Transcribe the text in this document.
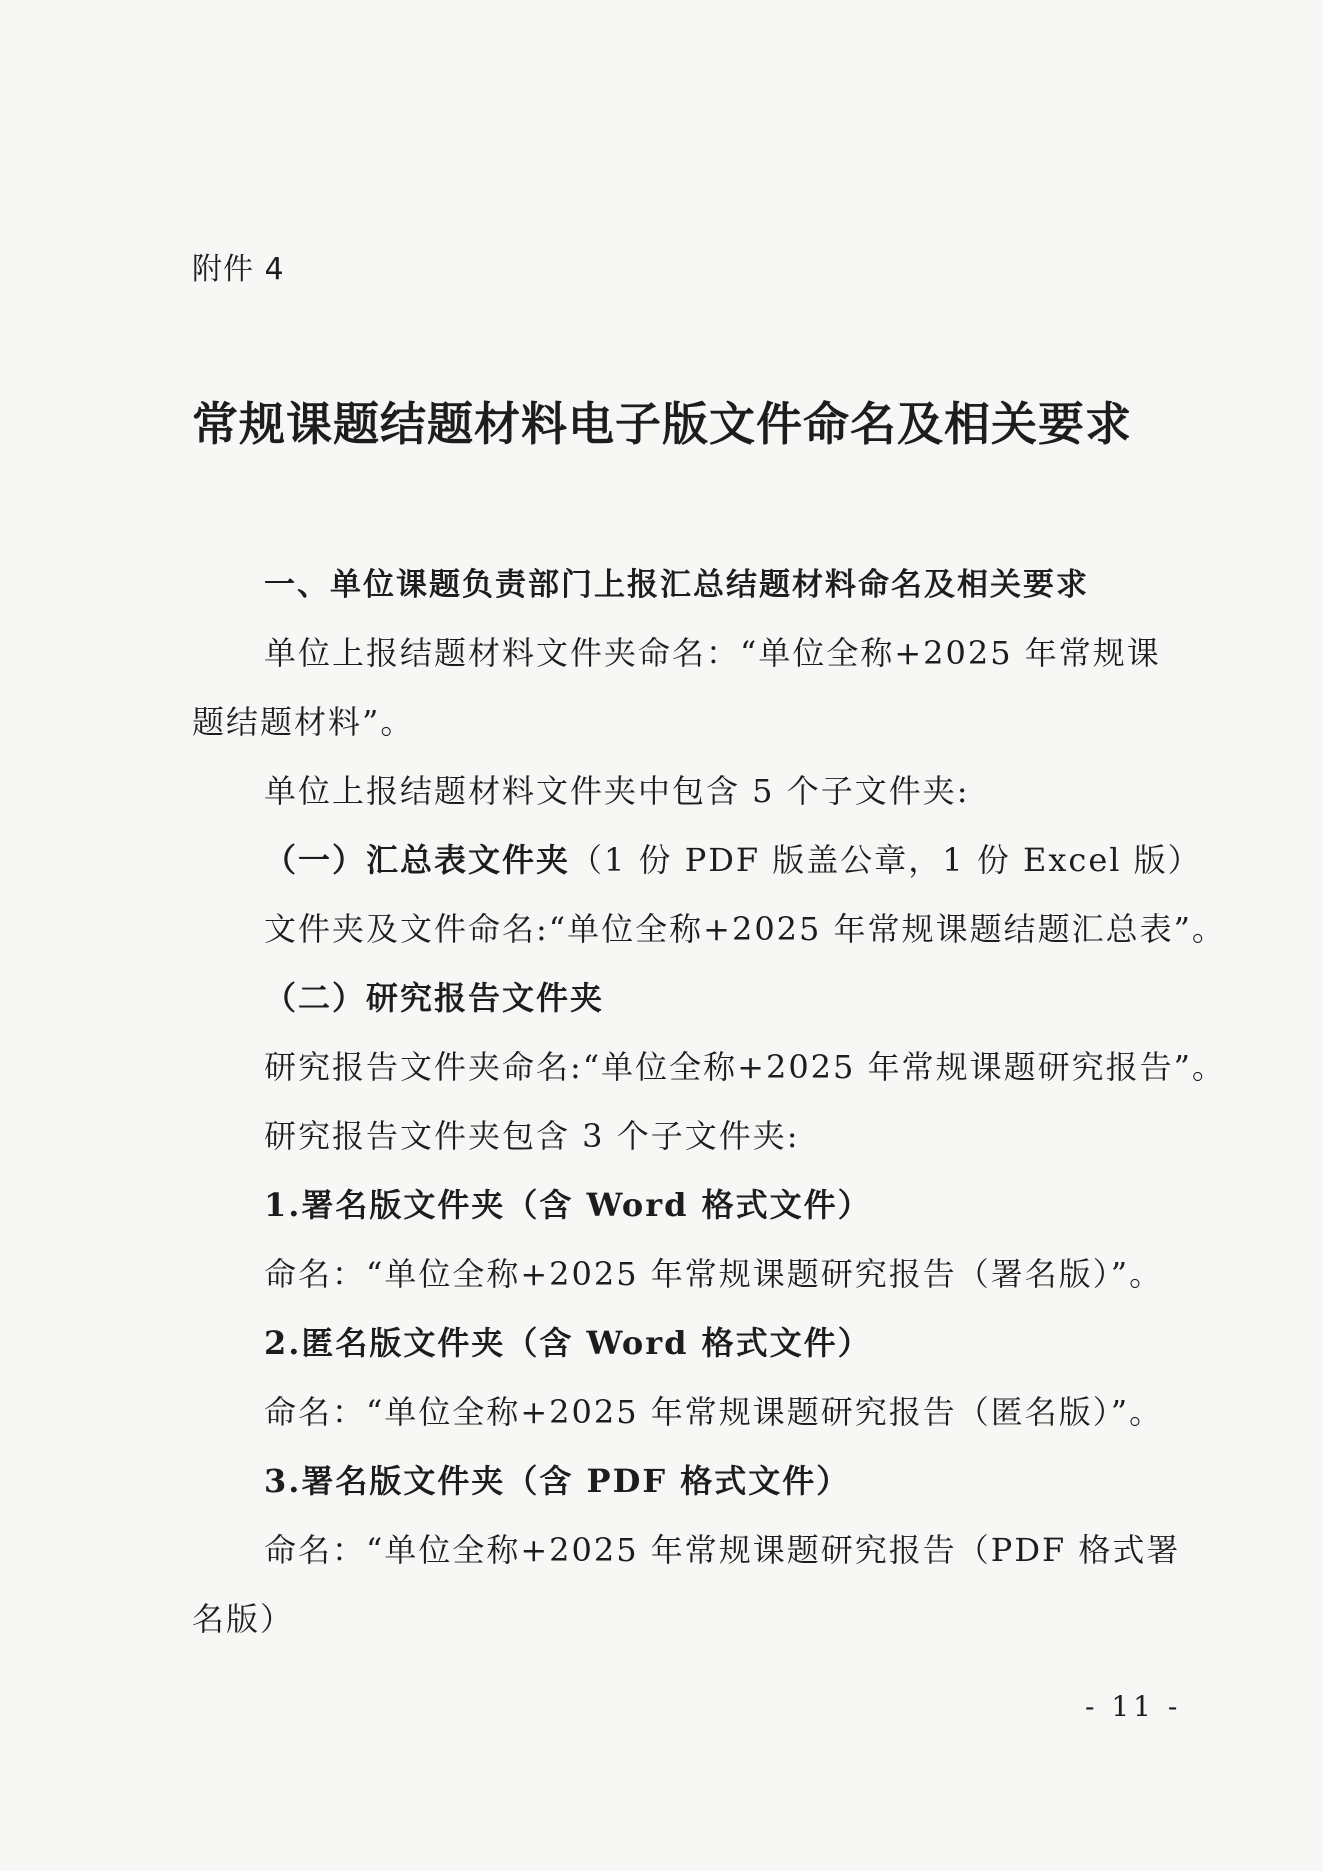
附件 4

常规课题结题材料电子版文件命名及相关要求

一、单位课题负责部门上报汇总结题材料命名及相关要求

单位上报结题材料文件夹命名：“单位全称+2025 年常规课

题结题材料”。

单位上报结题材料文件夹中包含 5 个子文件夹:

（一）汇总表文件夹（1 份 PDF 版盖公章，1 份 Excel 版）

文件夹及文件命名:“单位全称+2025 年常规课题结题汇总表”。

（二）研究报告文件夹

研究报告文件夹命名:“单位全称+2025 年常规课题研究报告”。

研究报告文件夹包含 3 个子文件夹:

1.署名版文件夹（含 Word 格式文件）

命名：“单位全称+2025 年常规课题研究报告（署名版）”。

2.匿名版文件夹（含 Word 格式文件）

命名：“单位全称+2025 年常规课题研究报告（匿名版）”。

3.署名版文件夹（含 PDF 格式文件）

命名：“单位全称+2025 年常规课题研究报告（PDF 格式署

名版）

- 11 -
